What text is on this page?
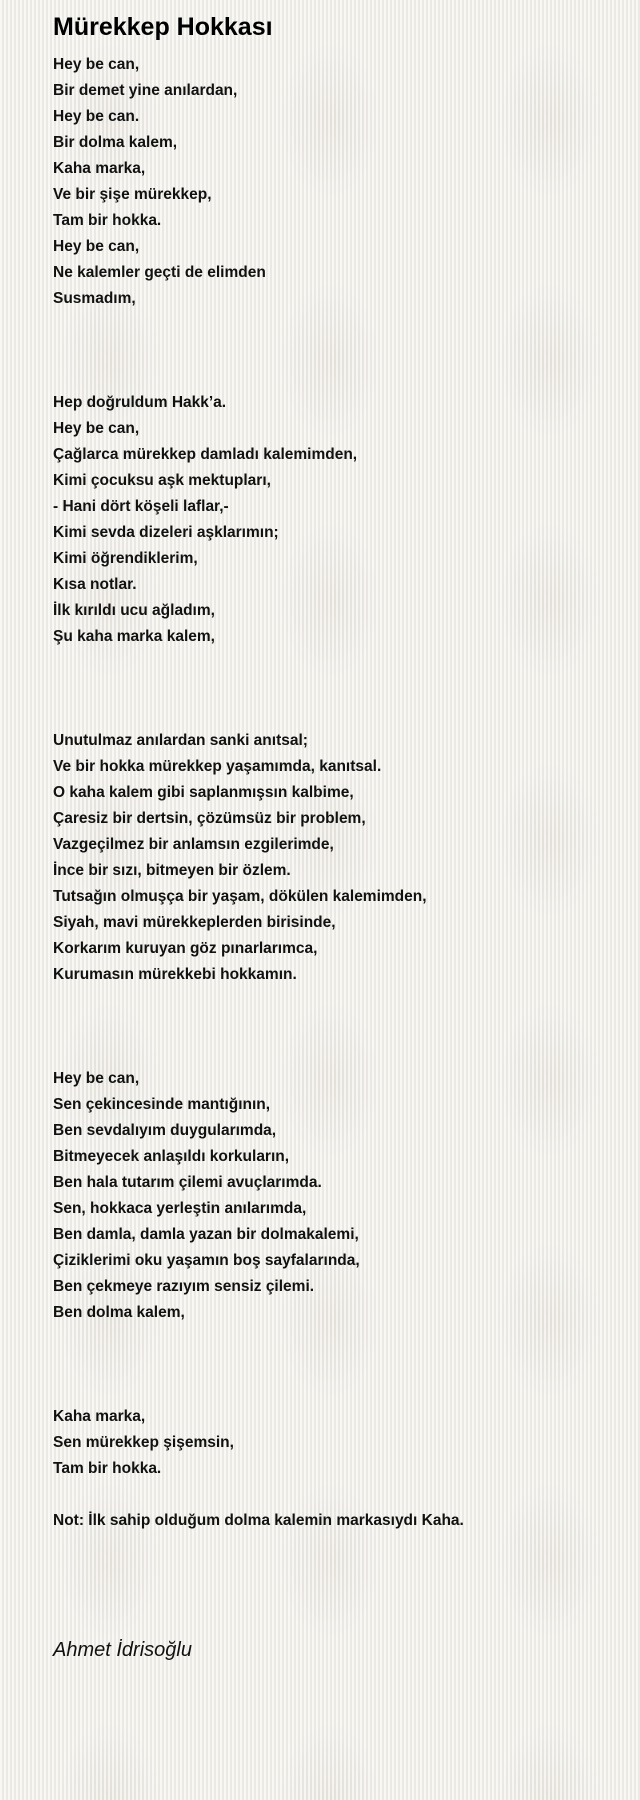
Mürekkep Hokkası
Hey be can,
Bir demet yine anılardan,
Hey be can.
Bir dolma kalem,
Kaha marka,
Ve bir şişe mürekkep,
Tam bir hokka.
Hey be can,
Ne kalemler geçti de elimden
Susmadım,
Hep doğruldum Hakk’a.
Hey be can,
Çağlarca mürekkep damladı kalemimden,
Kimi çocuksu aşk mektupları,
- Hani dört köşeli laflar,-
Kimi sevda dizeleri aşklarımın;
Kimi öğrendiklerim,
Kısa notlar.
İlk kırıldı ucu ağladım,
Şu kaha marka kalem,
Unutulmaz anılardan sanki anıtsal;
Ve bir hokka mürekkep yaşamımda, kanıtsal.
O kaha kalem gibi saplanmışsın kalbime,
Çaresiz bir dertsin, çözümsüz bir problem,
Vazgeçilmez bir anlamsın ezgilerimde,
İnce bir sızı, bitmeyen bir özlem.
Tutsağın olmuşça bir yaşam, dökülen kalemimden,
Siyah, mavi mürekkeplerden birisinde,
Korkarım kuruyan göz pınarlarımca,
Kurumasın mürekkebi hokkamın.
Hey be can,
Sen çekincesinde mantığının,
Ben sevdalıyım duygularımda,
Bitmeyecek anlaşıldı korkuların,
Ben hala tutarım çilemi avuçlarımda.
Sen, hokkaca yerleştin anılarımda,
Ben damla, damla yazan bir dolmakalemi,
Çiziklerimi oku yaşamın boş sayfalarında,
Ben çekmeye razıyım sensiz çilemi.
Ben dolma kalem,
Kaha marka,
Sen mürekkep şişemsin,
Tam bir hokka.
Not: İlk sahip olduğum dolma kalemin markasıydı Kaha.
Ahmet İdrisoğlu
